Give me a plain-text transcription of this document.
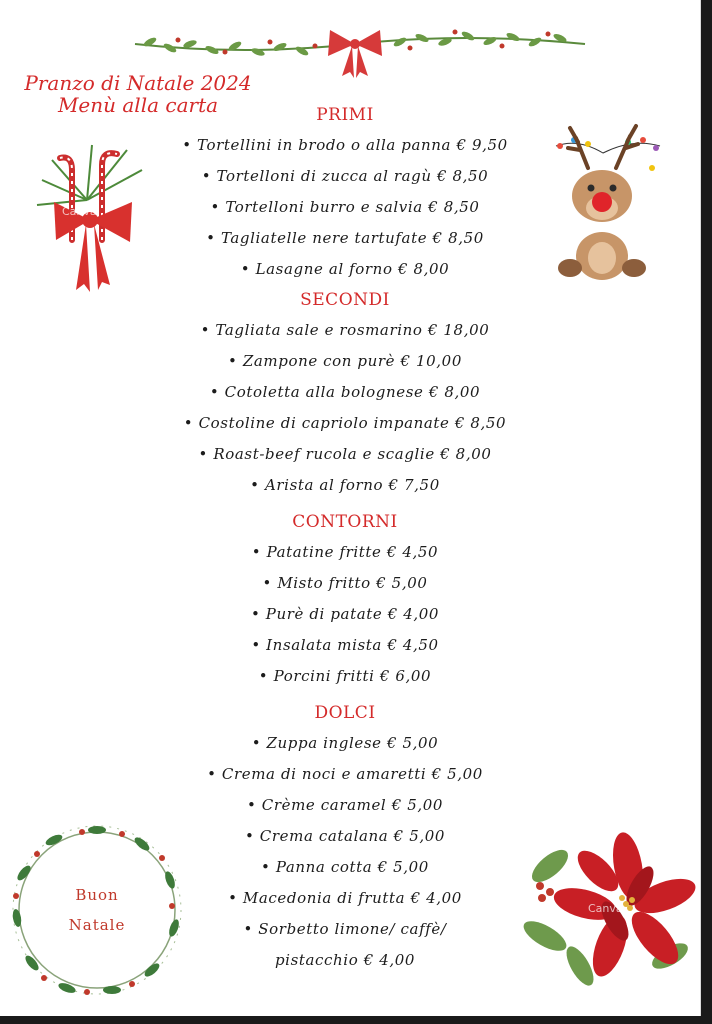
Pranzo di Natale 2024
Menù alla carta
Canva
PRIMI
• Tortellini in brodo o alla panna € 9,50
• Tortelloni di zucca al ragù € 8,50
• Tortelloni burro e salvia € 8,50
• Tagliatelle nere tartufate € 8,50
• Lasagne al forno € 8,00
SECONDI
• Tagliata sale e rosmarino € 18,00
• Zampone con purè € 10,00
• Cotoletta alla bolognese € 8,00
• Costoline di capriolo impanate € 8,50
• Roast-beef rucola e scaglie € 8,00
• Arista al forno € 7,50
CONTORNI
• Patatine fritte € 4,50
• Misto fritto € 5,00
• Purè di patate € 4,00
• Insalata mista € 4,50
• Porcini fritti € 6,00
DOLCI
• Zuppa inglese € 5,00
• Crema di noci e amaretti € 5,00
• Crème caramel € 5,00
• Crema catalana € 5,00
• Panna cotta € 5,00
• Macedonia di frutta € 4,00
• Sorbetto limone/ caffè/
pistacchio € 4,00
Buon
Natale
Canva
